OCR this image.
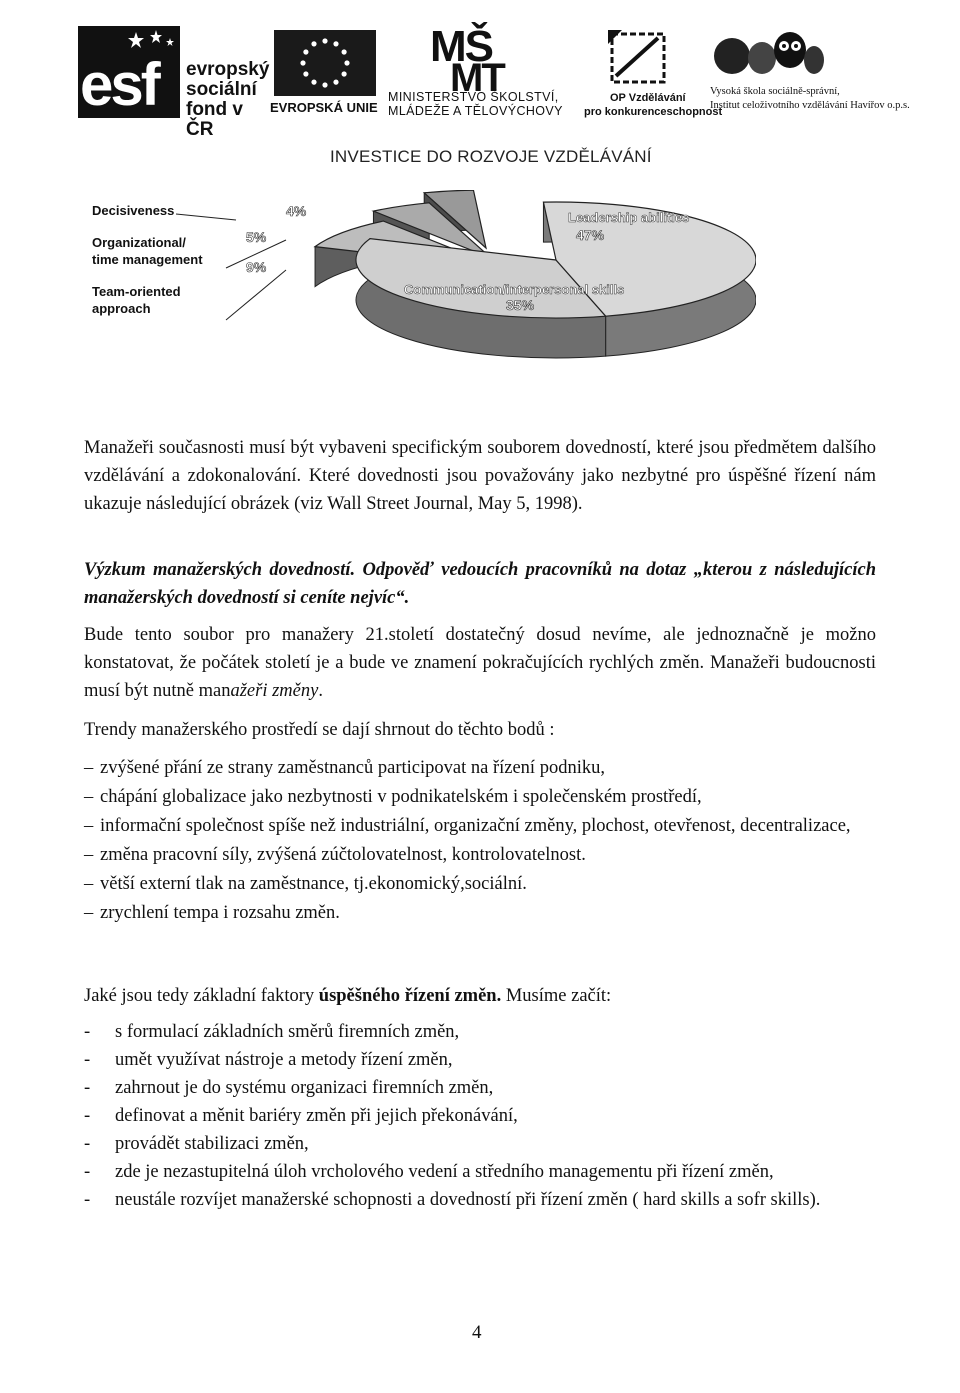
esf evropský
sociální
fond v ČR
EVROPSKÁ UNIE
MŠ
MT
MINISTERSTVO ŠKOLSTVÍ,
MLÁDEŽE A TĚLOVÝCHOVY
OP Vzdělávání
pro konkurenceschopnost
Vysoká škola sociálně-správní,
Institut celoživotního vzdělávání Havířov o.p.s.
INVESTICE DO ROZVOJE VZDĚLÁVÁNÍ
Decisiveness
Organizational/
time management
Team-oriented
approach
47%
35%
9%
5%
4%	Leadership abilities
Communication/interpersonal skills
Manažeři současnosti musí být vybaveni specifickým souborem dovedností, které jsou předmětem dalšího vzdělávání a zdokonalování. Které dovednosti jsou považovány jako nezbytné pro úspěšné řízení nám ukazuje následující obrázek (viz Wall Street Journal, May 5, 1998).
Výzkum manažerských dovedností. Odpověď vedoucích pracovníků na dotaz „kterou z následujících manažerských dovedností si ceníte nejvíc“.
Bude tento soubor pro manažery 21.století dostatečný dosud nevíme, ale jednoznačně je možno konstatovat, že počátek století je a bude ve znamení pokračujících rychlých změn. Manažeři budoucnosti musí být nutně manažeři změny.
Trendy manažerského prostředí se dají shrnout do těchto bodů :
– zvýšené přání ze strany zaměstnanců participovat na řízení podniku,
– chápání globalizace jako nezbytnosti v podnikatelském i společenském prostředí,
– informační společnost spíše než industriální, organizační změny, plochost, otevřenost, decentralizace,
– změna pracovní síly, zvýšená zúčtolovatelnost, kontrolovatelnost.
– větší externí tlak na zaměstnance, tj.ekonomický,sociální.
– zrychlení tempa i rozsahu změn.
Jaké jsou tedy základní faktory úspěšného řízení změn. Musíme začít:
- s formulací základních směrů firemních změn,
- umět využívat nástroje a metody řízení změn,
- zahrnout je do systému organizaci firemních změn,
- definovat a měnit bariéry změn při jejich překonávání,
- provádět stabilizaci změn,
- zde je nezastupitelná úloh vrcholového vedení a středního managementu při řízení změn,
- neustále rozvíjet manažerské schopnosti a dovedností při řízení změn ( hard skills a sofr skills).
4
